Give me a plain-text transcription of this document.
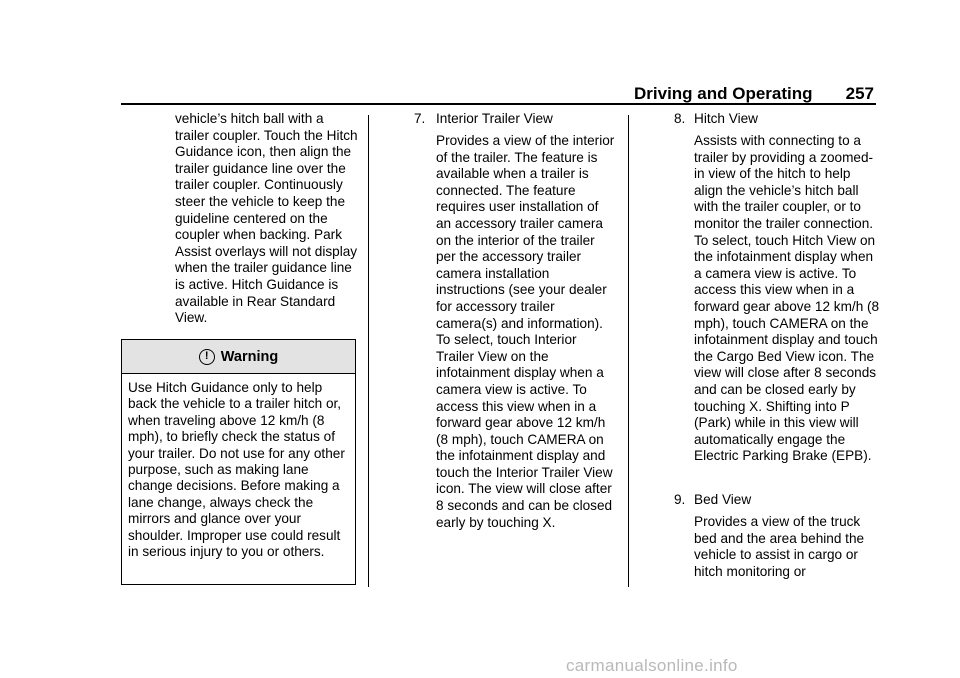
Driving and Operating 257

vehicle’s hitch ball with a trailer coupler. Touch the Hitch Guidance icon, then align the trailer guidance line over the trailer coupler. Continuously steer the vehicle to keep the guideline centered on the coupler when backing. Park Assist overlays will not display when the trailer guidance line is active. Hitch Guidance is available in Rear Standard View.

! Warning
Use Hitch Guidance only to help back the vehicle to a trailer hitch or, when traveling above 12 km/h (8 mph), to briefly check the status of your trailer. Do not use for any other purpose, such as making lane change decisions. Before making a lane change, always check the mirrors and glance over your shoulder. Improper use could result in serious injury to you or others.
7. Interior Trailer View

Provides a view of the interior of the trailer. The feature is available when a trailer is connected. The feature requires user installation of an accessory trailer camera on the interior of the trailer per the accessory trailer camera installation instructions (see your dealer for accessory trailer camera(s) and information). To select, touch Interior Trailer View on the infotainment display when a camera view is active. To access this view when in a forward gear above 12 km/h (8 mph), touch CAMERA on the infotainment display and touch the Interior Trailer View icon. The view will close after 8 seconds and can be closed early by touching X.

8. Hitch View

Assists with connecting to a trailer by providing a zoomed-in view of the hitch to help align the vehicle’s hitch ball with the trailer coupler, or to monitor the trailer connection. To select, touch Hitch View on the infotainment display when a camera view is active. To access this view when in a forward gear above 12 km/h (8 mph), touch CAMERA on the infotainment display and touch the Cargo Bed View icon. The view will close after 8 seconds and can be closed early by touching X. Shifting into P (Park) while in this view will automatically engage the Electric Parking Brake (EPB).

9. Bed View

Provides a view of the truck bed and the area behind the vehicle to assist in cargo or hitch monitoring or

carmanualsonline.info
